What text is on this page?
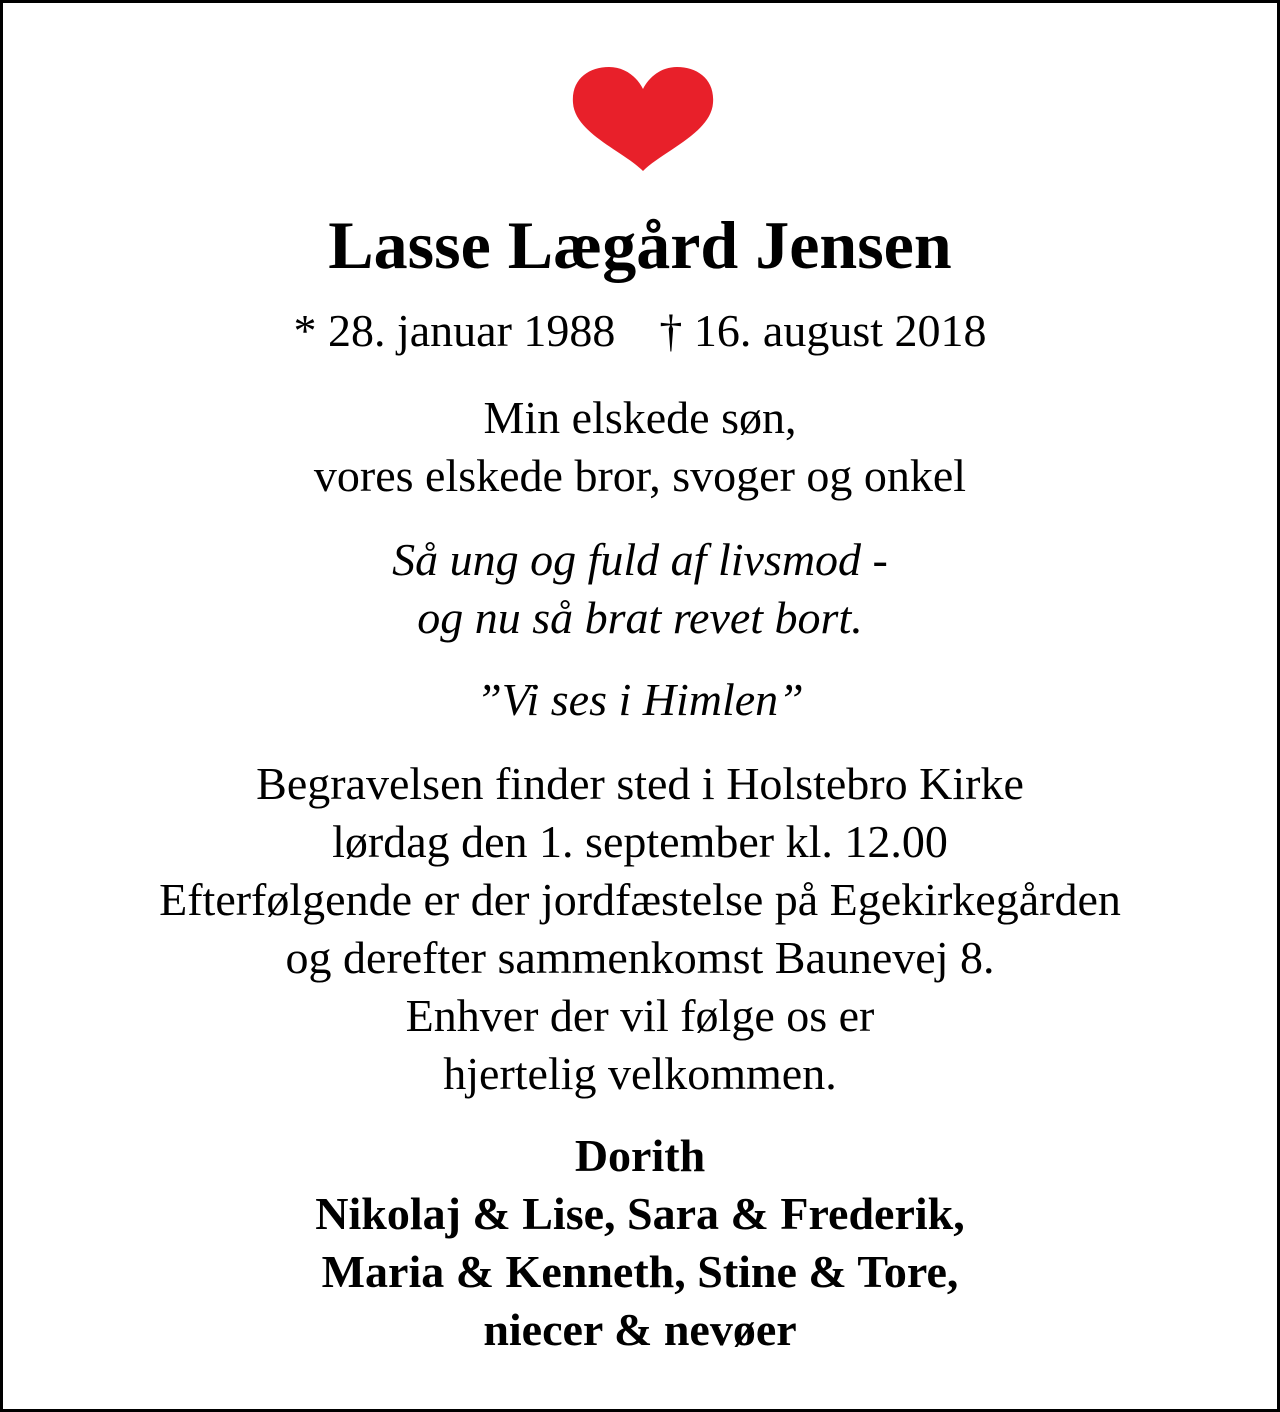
Lasse Lægård Jensen
* 28. januar 1988 † 16. august 2018
Min elskede søn,
vores elskede bror, svoger og onkel
Så ung og fuld af livsmod -
og nu så brat revet bort.
”Vi ses i Himlen”
Begravelsen finder sted i Holstebro Kirke
lørdag den 1. september kl. 12.00
Efterfølgende er der jordfæstelse på Egekirkegården
og derefter sammenkomst Baunevej 8.
Enhver der vil følge os er
hjertelig velkommen.
Dorith
Nikolaj & Lise, Sara & Frederik,
Maria & Kenneth, Stine & Tore,
niecer & nevøer
